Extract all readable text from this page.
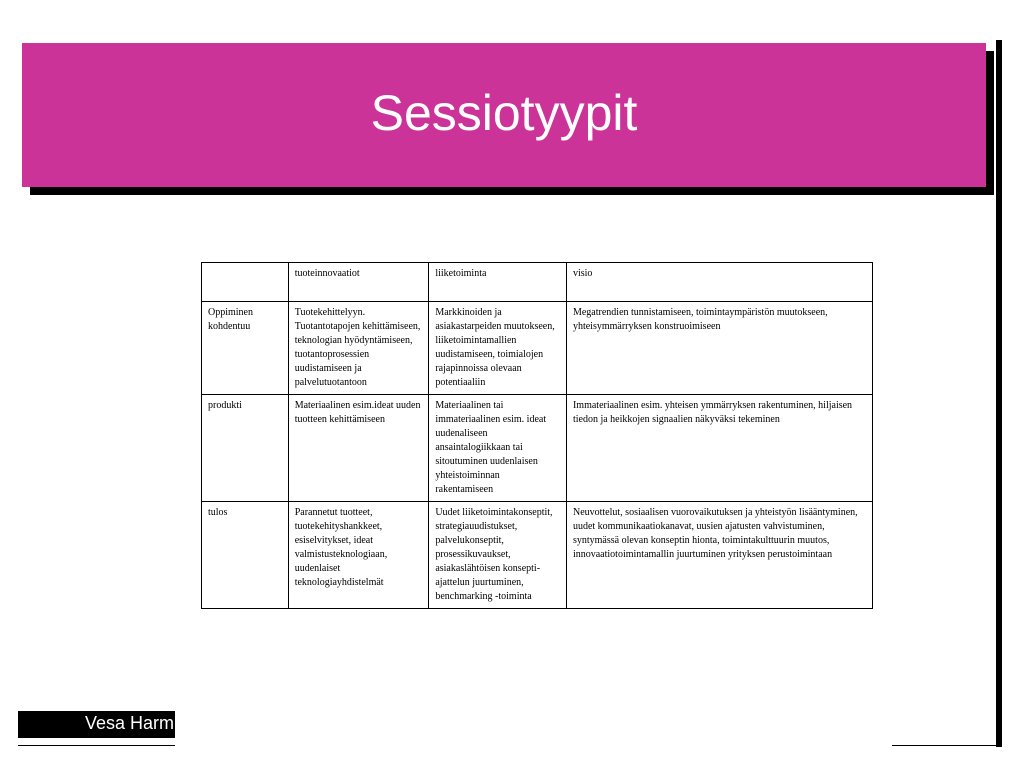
Sessiotyypit
	tuoteinnovaatiot	liiketoiminta	visio
Oppiminen kohdentuu	Tuotekehittelyyn. Tuotantotapojen kehittämiseen, teknologian hyödyntämiseen, tuotantoprosessien uudistamiseen ja palvelutuotantoon	Markkinoiden ja asiakastarpeiden muutokseen, liiketoimintamallien uudistamiseen, toimialojen rajapinnoissa olevaan potentiaaliin	Megatrendien tunnistamiseen, toimintaympäristön muutokseen, yhteisymmärryksen konstruoimiseen
produkti	Materiaalinen esim.ideat uuden tuotteen kehittämiseen	Materiaalinen tai immateriaalinen esim. ideat uudenaliseen ansaintalogiikkaan tai sitoutuminen uudenlaisen yhteistoiminnan rakentamiseen	Immateriaalinen esim. yhteisen ymmärryksen rakentuminen, hiljaisen tiedon ja heikkojen signaalien näkyväksi tekeminen
tulos	Parannetut tuotteet, tuotekehityshankkeet, esiselvitykset, ideat valmistusteknologiaan, uudenlaiset teknologiayhdistelmät	Uudet liiketoimintakonseptit, strategiauudistukset, palvelukonseptit, prosessikuvaukset, asiakaslähtöisen konsepti-ajattelun juurtuminen, benchmarking -toiminta	Neuvottelut, sosiaalisen vuorovaikutuksen ja yhteistyön lisääntyminen, uudet kommunikaatiokanavat, uusien ajatusten vahvistuminen, syntymässä olevan konseptin hionta, toimintakulttuurin muutos, innovaatiotoimintamallin juurtuminen yrityksen perustoimintaan
Vesa Harm
